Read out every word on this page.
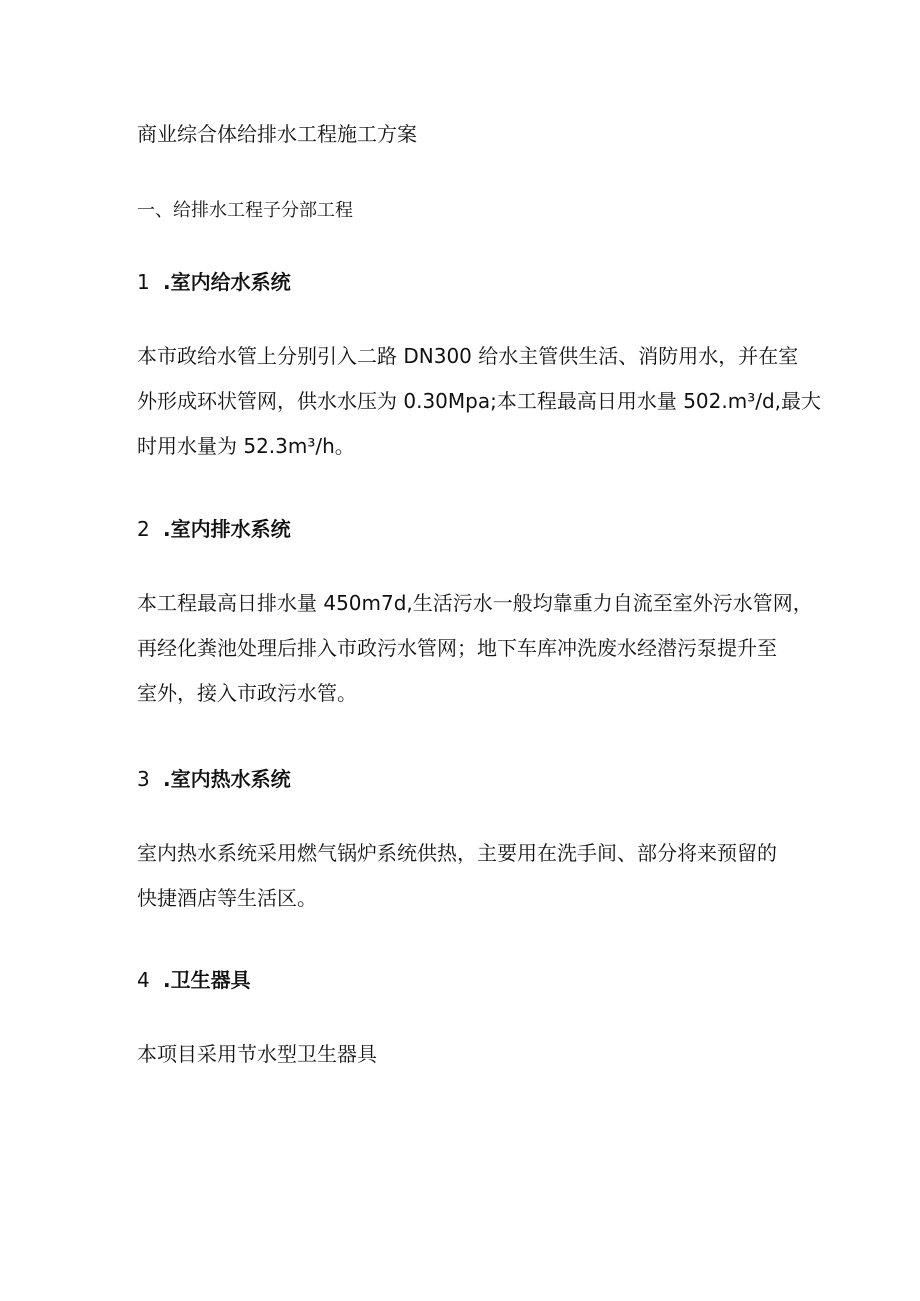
商业综合体给排水工程施工方案
一、给排水工程子分部工程
1 .室内给水系统

本市政给水管上分别引入二路 DN300 给水主管供生活、消防用水，并在室
外形成环状管网，供水水压为 0.30Mpa;本工程最高日用水量 502.m³/d,最大
时用水量为 52.3m³/h。

2 .室内排水系统

本工程最高日排水量 450m7d,生活污水一般均靠重力自流至室外污水管网，
再经化粪池处理后排入市政污水管网；地下车库冲洗废水经潜污泵提升至
室外，接入市政污水管。

3 .室内热水系统

室内热水系统采用燃气锅炉系统供热，主要用在洗手间、部分将来预留的
快捷酒店等生活区。

4 .卫生器具

本项目采用节水型卫生器具
